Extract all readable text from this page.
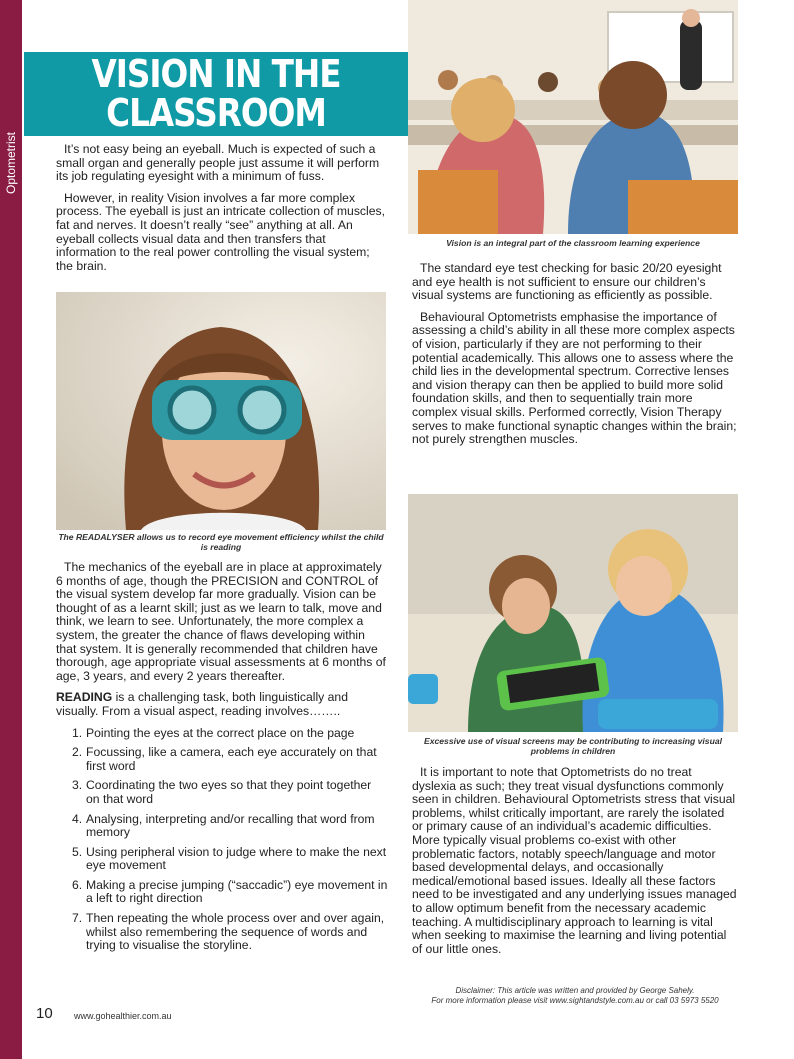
Optometrist
VISION IN THE CLASSROOM

It’s not easy being an eyeball. Much is expected of such a small organ and generally people just assume it will perform its job regulating eyesight with a minimum of fuss.

However, in reality Vision involves a far more complex process. The eyeball is just an intricate collection of muscles, fat and nerves. It doesn’t really “see” anything at all. An eyeball collects visual data and then transfers that information to the real power controlling the visual system; the brain.

The READALYSER allows us to record eye movement efficiency whilst the child is reading

The mechanics of the eyeball are in place at approximately 6 months of age, though the PRECISION and CONTROL of the visual system develop far more gradually. Vision can be thought of as a learnt skill; just as we learn to talk, move and think, we learn to see. Unfortunately, the more complex a system, the greater the chance of flaws developing within that system. It is generally recommended that children have thorough, age appropriate visual assessments at 6 months of age, 3 years, and every 2 years thereafter.

READING is a challenging task, both linguistically and visually. From a visual aspect, reading involves……..

1. Pointing the eyes at the correct place on the page
2. Focussing, like a camera, each eye accurately on that first word
3. Coordinating the two eyes so that they point together on that word
4. Analysing, interpreting and/or recalling that word from memory
5. Using peripheral vision to judge where to make the next eye movement
6. Making a precise jumping (“saccadic”) eye movement in a left to right direction
7. Then repeating the whole process over and over again, whilst also remembering the sequence of words and trying to visualise the storyline.
Vision is an integral part of the classroom learning experience

The standard eye test checking for basic 20/20 eyesight and eye health is not sufficient to ensure our children’s visual systems are functioning as efficiently as possible.

Behavioural Optometrists emphasise the importance of assessing a child’s ability in all these more complex aspects of vision, particularly if they are not performing to their potential academically. This allows one to assess where the child lies in the developmental spectrum. Corrective lenses and vision therapy can then be applied to build more solid foundation skills, and then to sequentially train more complex visual skills. Performed correctly, Vision Therapy serves to make functional synaptic changes within the brain; not purely strengthen muscles.

Excessive use of visual screens may be contributing to increasing visual problems in children

It is important to note that Optometrists do no treat dyslexia as such; they treat visual dysfunctions commonly seen in children. Behavioural Optometrists stress that visual problems, whilst critically important, are rarely the isolated or primary cause of an individual’s academic difficulties. More typically visual problems co-exist with other problematic factors, notably speech/language and motor based developmental delays, and occasionally medical/emotional based issues. Ideally all these factors need to be investigated and any underlying issues managed to allow optimum benefit from the necessary academic teaching. A multidisciplinary approach to learning is vital when seeking to maximise the learning and living potential of our little ones.

Disclaimer: This article was written and provided by George Sahely.
For more information please visit www.sightandstyle.com.au or call 03 5973 5520
10 www.gohealthier.com.au
